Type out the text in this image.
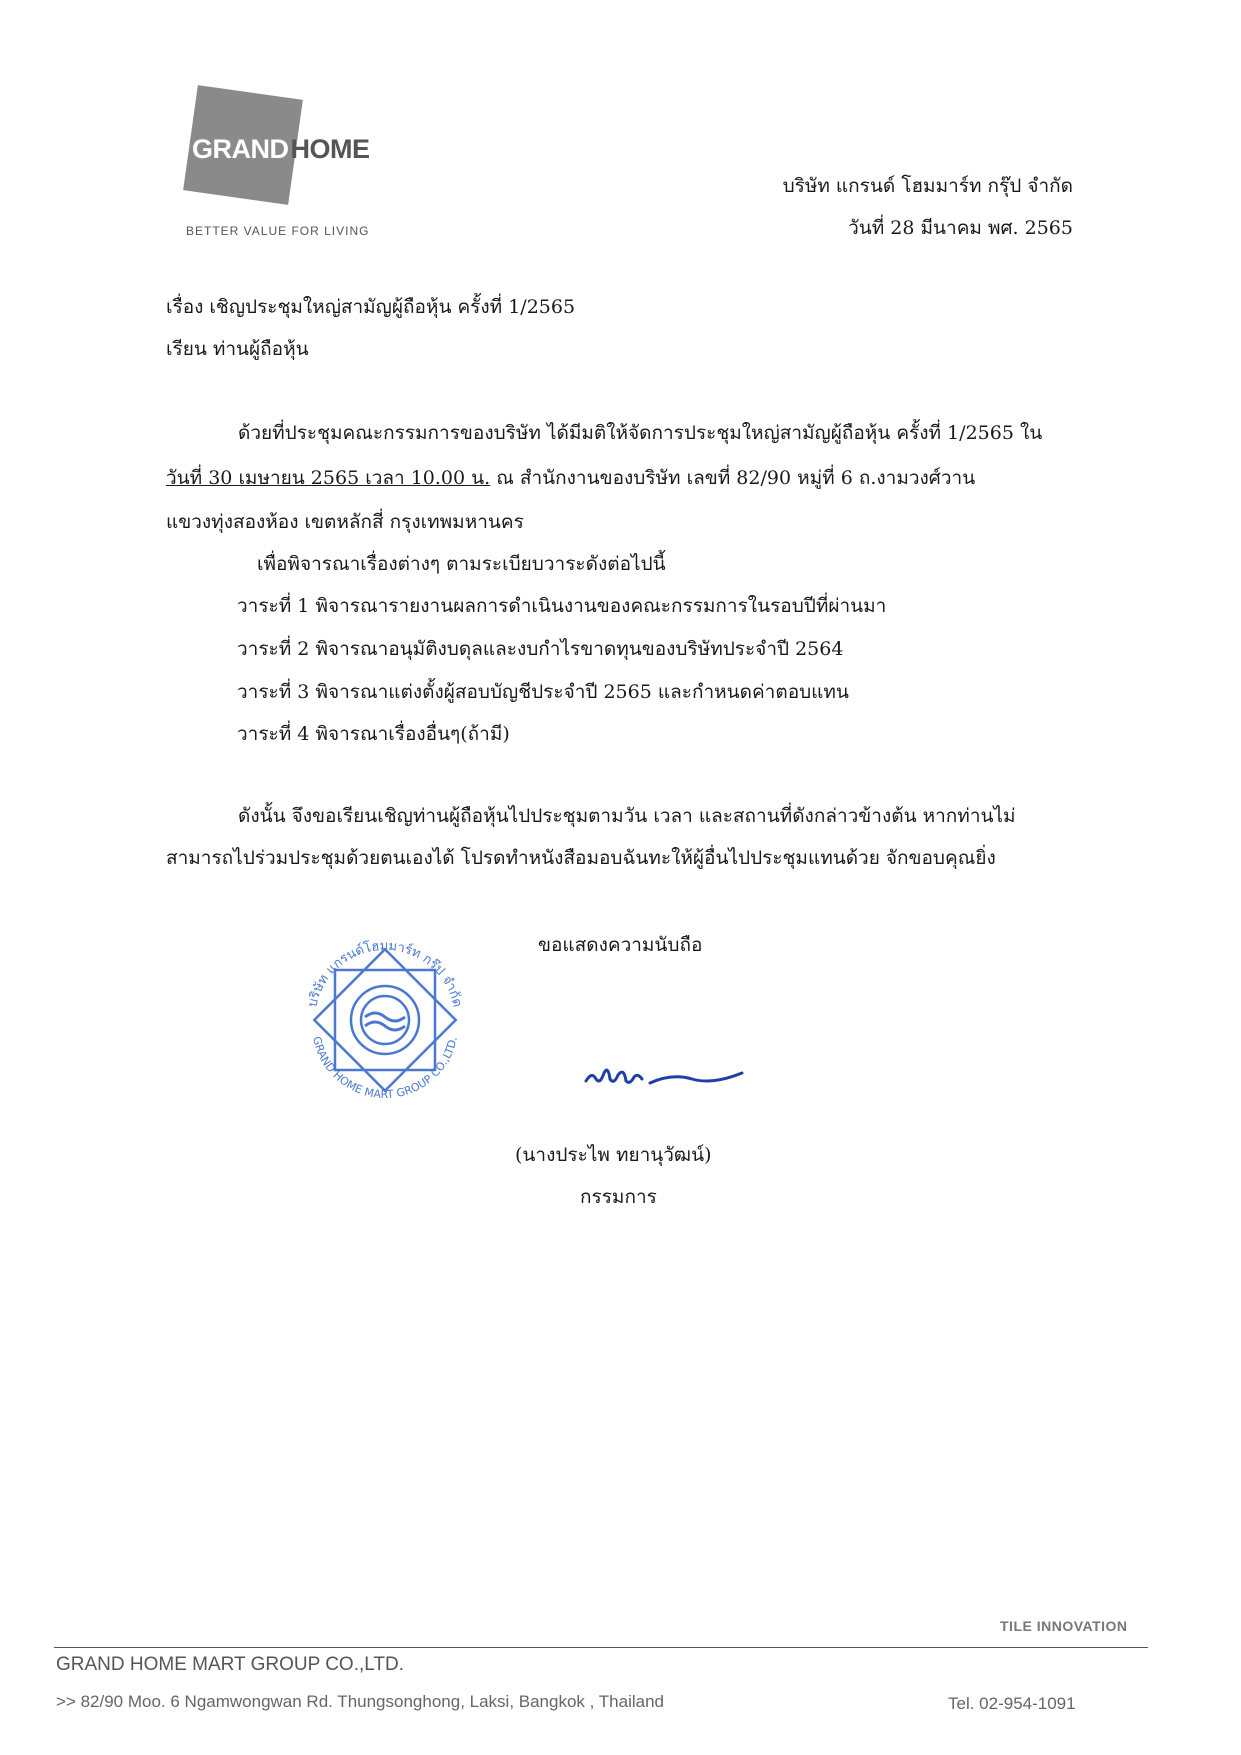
GRANDHOME
BETTER VALUE FOR LIVING
บริษัท แกรนด์ โฮมมาร์ท กรุ๊ป จำกัด
วันที่ 28 มีนาคม พศ. 2565
เรื่อง เชิญประชุมใหญ่สามัญผู้ถือหุ้น ครั้งที่ 1/2565
เรียน ท่านผู้ถือหุ้น
ด้วยที่ประชุมคณะกรรมการของบริษัท ได้มีมติให้จัดการประชุมใหญ่สามัญผู้ถือหุ้น ครั้งที่ 1/2565 ใน
วันที่ 30 เมษายน 2565 เวลา 10.00 น. ณ สำนักงานของบริษัท เลขที่ 82/90 หมู่ที่ 6 ถ.งามวงศ์วาน
แขวงทุ่งสองห้อง เขตหลักสี่ กรุงเทพมหานคร
เพื่อพิจารณาเรื่องต่างๆ ตามระเบียบวาระดังต่อไปนี้
วาระที่ 1 พิจารณารายงานผลการดำเนินงานของคณะกรรมการในรอบปีที่ผ่านมา
วาระที่ 2 พิจารณาอนุมัติงบดุลและงบกำไรขาดทุนของบริษัทประจำปี 2564
วาระที่ 3 พิจารณาแต่งตั้งผู้สอบบัญชีประจำปี 2565 และกำหนดค่าตอบแทน
วาระที่ 4 พิจารณาเรื่องอื่นๆ(ถ้ามี)
ดังนั้น จึงขอเรียนเชิญท่านผู้ถือหุ้นไปประชุมตามวัน เวลา และสถานที่ดังกล่าวข้างต้น หากท่านไม่
สามารถไปร่วมประชุมด้วยตนเองได้ โปรดทำหนังสือมอบฉันทะให้ผู้อื่นไปประชุมแทนด้วย จักขอบคุณยิ่ง
ขอแสดงความนับถือ
บริษัท แกรนด์โฮมมาร์ท กรุ๊ป จำกัด
GRAND HOME MART GROUP CO.,LTD.
(นางประไพ ทยานุวัฒน์)
กรรมการ
TILE INNOVATION
GRAND HOME MART GROUP CO.,LTD.
>> 82/90 Moo. 6 Ngamwongwan Rd. Thungsonghong, Laksi, Bangkok , Thailand	Tel. 02-954-1091
